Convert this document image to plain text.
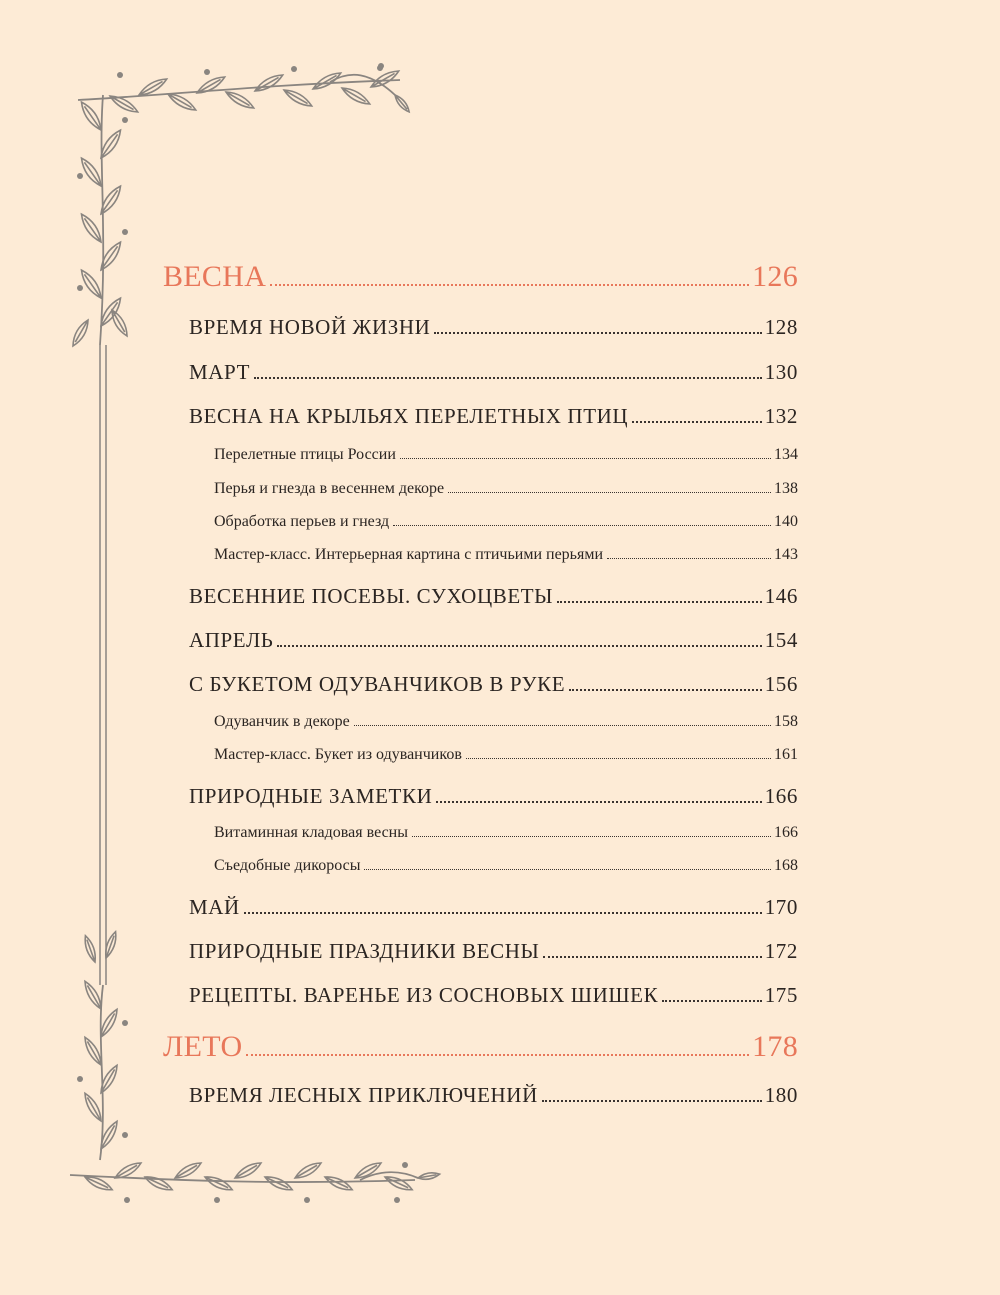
ВЕСНА	126
ВРЕМЯ НОВОЙ ЖИЗНИ	128
МАРТ	130
ВЕСНА НА КРЫЛЬЯХ ПЕРЕЛЕТНЫХ ПТИЦ	132
Перелетные птицы России	134
Перья и гнезда в весеннем декоре	138
Обработка перьев и гнезд	140
Мастер-класс. Интерьерная картина с птичьими перьями	143
ВЕСЕННИЕ ПОСЕВЫ. СУХОЦВЕТЫ	146
АПРЕЛЬ	154
С БУКЕТОМ ОДУВАНЧИКОВ В РУКЕ	156
Одуванчик в декоре	158
Мастер-класс. Букет из одуванчиков	161
ПРИРОДНЫЕ ЗАМЕТКИ	166
Витаминная кладовая весны	166
Съедобные дикоросы	168
МАЙ	170
ПРИРОДНЫЕ ПРАЗДНИКИ ВЕСНЫ	172
РЕЦЕПТЫ. ВАРЕНЬЕ ИЗ СОСНОВЫХ ШИШЕК	175
ЛЕТО	178
ВРЕМЯ ЛЕСНЫХ ПРИКЛЮЧЕНИЙ	180
